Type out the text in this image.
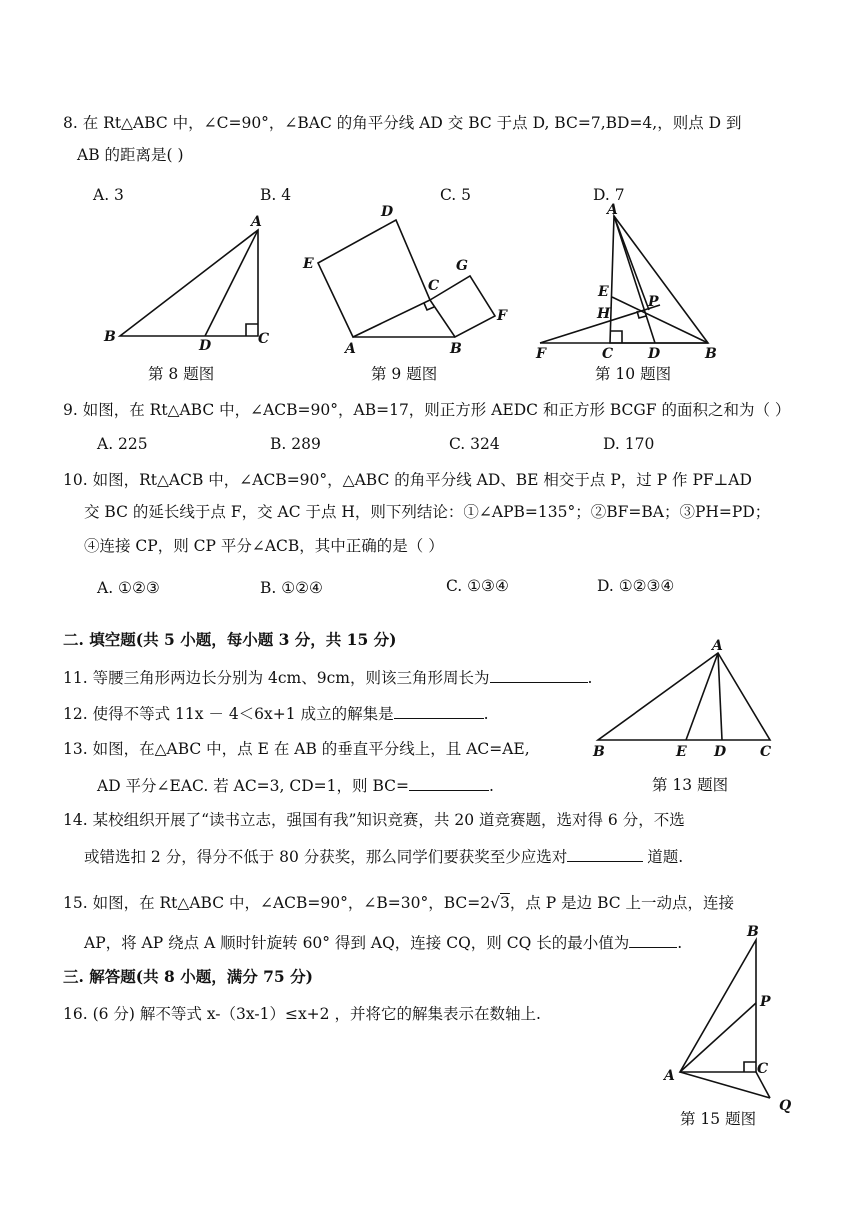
8. 在 Rt△ABC 中，∠C=90°，∠BAC 的角平分线 AD 交 BC 于点 D, BC=7,BD=4,，则点 D 到
AB 的距离是( )
A. 3	B. 4	C. 5	D. 7
A
B
D	C
第 8 题图
D
E
C
G
F
A	B
第 9 题图
A
E
H
P
F	C D	B
第 10 题图
9. 如图，在 Rt△ABC 中，∠ACB=90°，AB=17，则正方形 AEDC 和正方形 BCGF 的面积之和为（ ）
A. 225	B. 289	C. 324	D. 170
10. 如图，Rt△ACB 中，∠ACB=90°，△ABC 的角平分线 AD、BE 相交于点 P，过 P 作 PF⊥AD
交 BC 的延长线于点 F，交 AC 于点 H，则下列结论：①∠APB=135°；②BF=BA；③PH=PD；
④连接 CP，则 CP 平分∠ACB，其中正确的是（ ）
A. ①②③	B. ①②④	C. ①③④	D. ①②③④
二. 填空题(共 5 小题，每小题 3 分，共 15 分)
11. 等腰三角形两边长分别为 4cm、9cm，则该三角形周长为	.
12. 使得不等式 11x － 4＜6x+1 成立的解集是	.
13. 如图，在△ABC 中，点 E 在 AB 的垂直平分线上，且 AC=AE,
AD 平分∠EAC. 若 AC=3, CD=1，则 BC=	.
A
B	E D C
第 13 题图
14. 某校组织开展了“读书立志，强国有我”知识竞赛，共 20 道竞赛题，选对得 6 分，不选
或错选扣 2 分，得分不低于 80 分获奖，那么同学们要获奖至少应选对	道题.
15. 如图，在 Rt△ABC 中，∠ACB=90°，∠B=30°，BC=2√3，点 P 是边 BC 上一动点，连接
AP，将 AP 绕点 A 顺时针旋转 60° 得到 AQ，连接 CQ，则 CQ 长的最小值为	.
三. 解答题(共 8 小题，满分 75 分)
16. (6 分) 解不等式 x-（3x-1）≤x+2 ，并将它的解集表示在数轴上.
B
P
A	C
Q
第 15 题图
